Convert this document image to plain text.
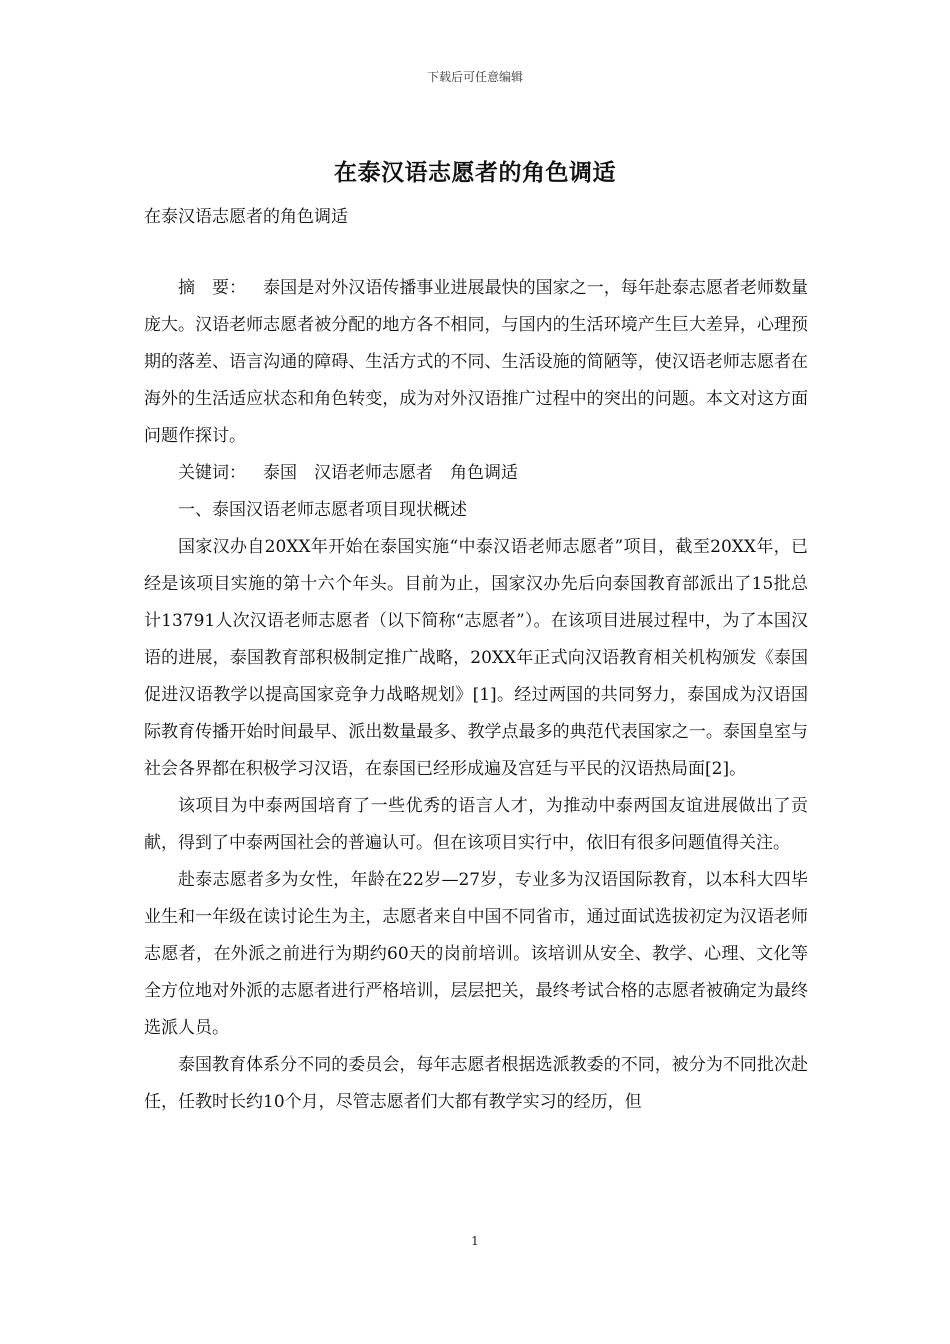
下载后可任意编辑
在泰汉语志愿者的角色调适
在泰汉语志愿者的角色调适

摘　要： 泰国是对外汉语传播事业进展最快的国家之一，每年赴泰志愿者老师数量庞大。汉语老师志愿者被分配的地方各不相同，与国内的生活环境产生巨大差异，心理预期的落差、语言沟通的障碍、生活方式的不同、生活设施的简陋等，使汉语老师志愿者在海外的生活适应状态和角色转变，成为对外汉语推广过程中的突出的问题。本文对这方面问题作探讨。

关键词： 泰国　汉语老师志愿者　角色调适

一、泰国汉语老师志愿者项目现状概述

国家汉办自20XX年开始在泰国实施“中泰汉语老师志愿者”项目，截至20XX年，已经是该项目实施的第十六个年头。目前为止，国家汉办先后向泰国教育部派出了15批总计13791人次汉语老师志愿者（以下简称“志愿者”）。在该项目进展过程中，为了本国汉语的进展，泰国教育部积极制定推广战略，20XX年正式向汉语教育相关机构颁发《泰国促进汉语教学以提高国家竞争力战略规划》[1]。经过两国的共同努力，泰国成为汉语国际教育传播开始时间最早、派出数量最多、教学点最多的典范代表国家之一。泰国皇室与社会各界都在积极学习汉语，在泰国已经形成遍及宫廷与平民的汉语热局面[2]。

该项目为中泰两国培育了一些优秀的语言人才，为推动中泰两国友谊进展做出了贡献，得到了中泰两国社会的普遍认可。但在该项目实行中，依旧有很多问题值得关注。

赴泰志愿者多为女性，年龄在22岁—27岁，专业多为汉语国际教育，以本科大四毕业生和一年级在读讨论生为主，志愿者来自中国不同省市，通过面试选拔初定为汉语老师志愿者，在外派之前进行为期约60天的岗前培训。该培训从安全、教学、心理、文化等全方位地对外派的志愿者进行严格培训，层层把关，最终考试合格的志愿者被确定为最终选派人员。

泰国教育体系分不同的委员会，每年志愿者根据选派教委的不同，被分为不同批次赴任，任教时长约10个月，尽管志愿者们大都有教学实习的经历，但

1
